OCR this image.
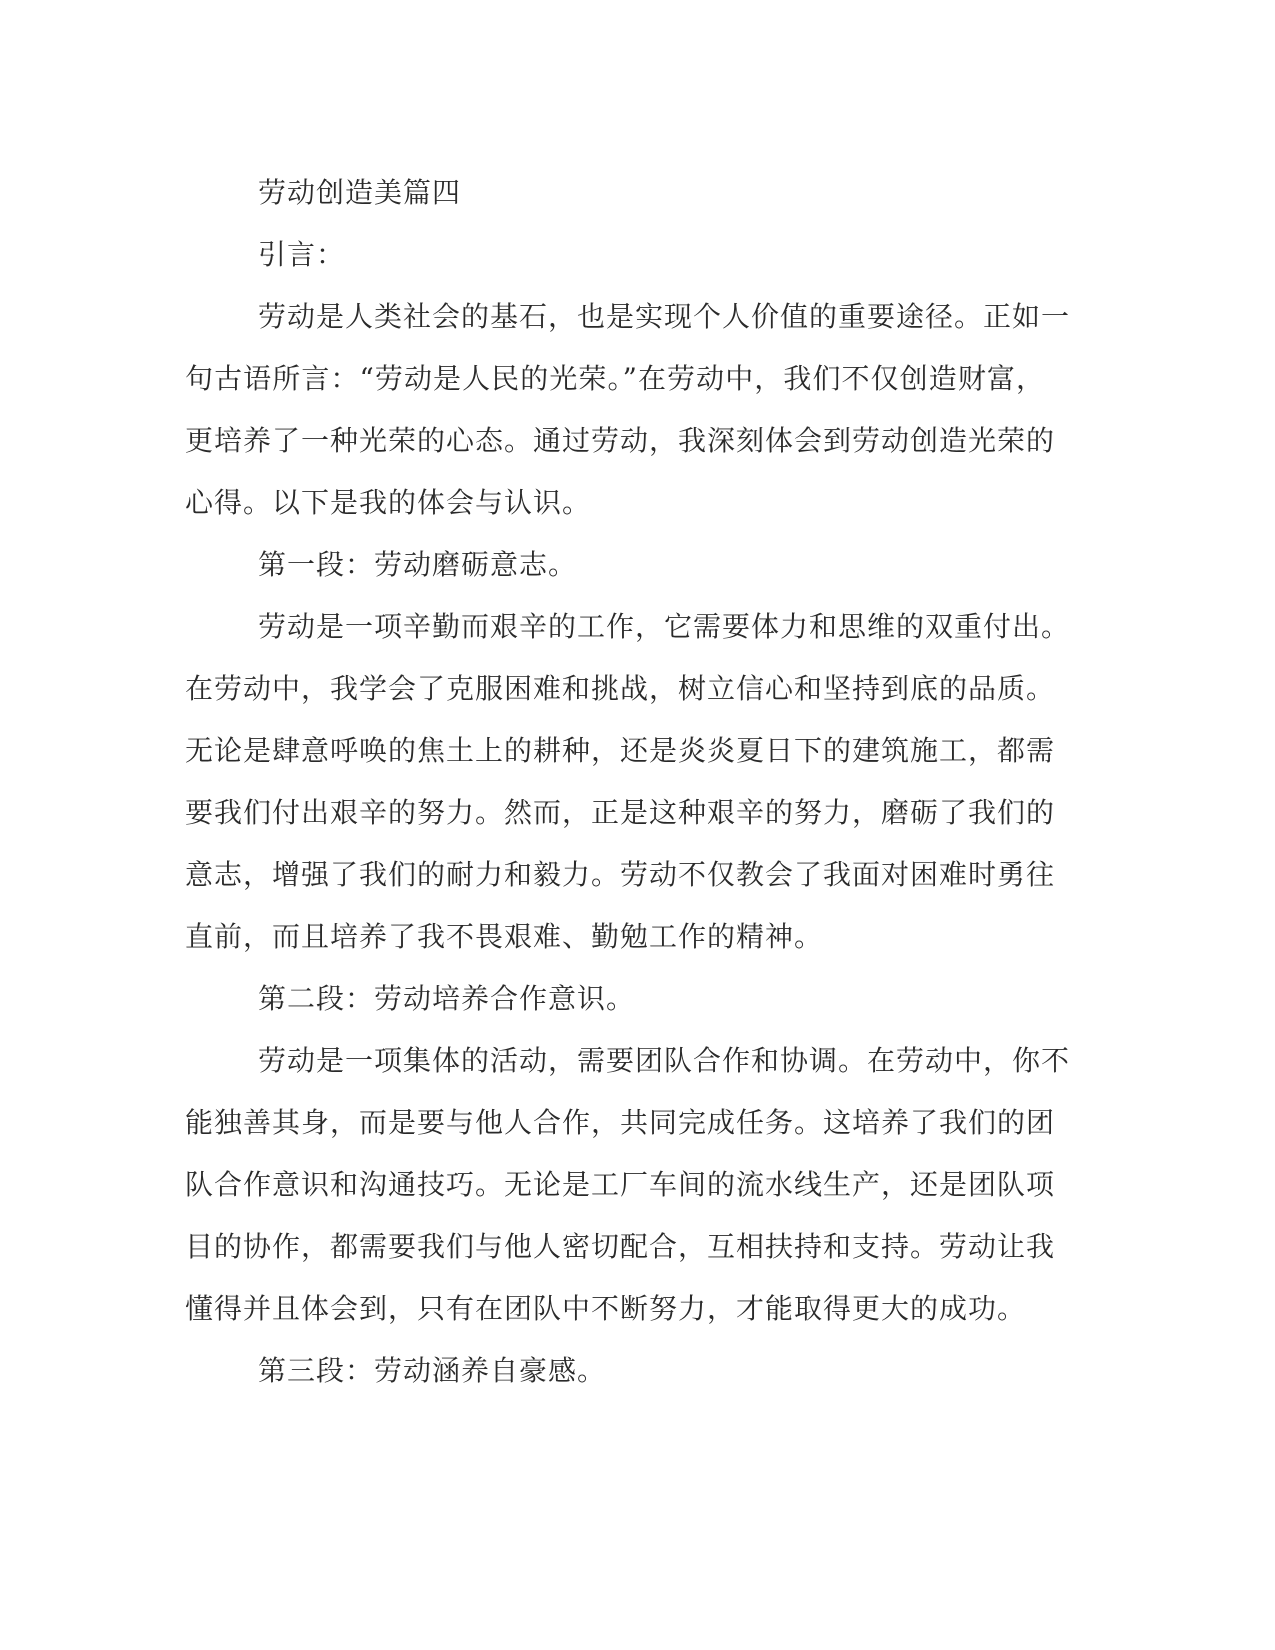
劳动创造美篇四
引言：
劳动是人类社会的基石，也是实现个人价值的重要途径。正如一
句古语所言：“劳动是人民的光荣。”在劳动中，我们不仅创造财富，
更培养了一种光荣的心态。通过劳动，我深刻体会到劳动创造光荣的
心得。以下是我的体会与认识。
第一段：劳动磨砺意志。
劳动是一项辛勤而艰辛的工作，它需要体力和思维的双重付出。
在劳动中，我学会了克服困难和挑战，树立信心和坚持到底的品质。
无论是肆意呼唤的焦土上的耕种，还是炎炎夏日下的建筑施工，都需
要我们付出艰辛的努力。然而，正是这种艰辛的努力，磨砺了我们的
意志，增强了我们的耐力和毅力。劳动不仅教会了我面对困难时勇往
直前，而且培养了我不畏艰难、勤勉工作的精神。
第二段：劳动培养合作意识。
劳动是一项集体的活动，需要团队合作和协调。在劳动中，你不
能独善其身，而是要与他人合作，共同完成任务。这培养了我们的团
队合作意识和沟通技巧。无论是工厂车间的流水线生产，还是团队项
目的协作，都需要我们与他人密切配合，互相扶持和支持。劳动让我
懂得并且体会到，只有在团队中不断努力，才能取得更大的成功。
第三段：劳动涵养自豪感。
